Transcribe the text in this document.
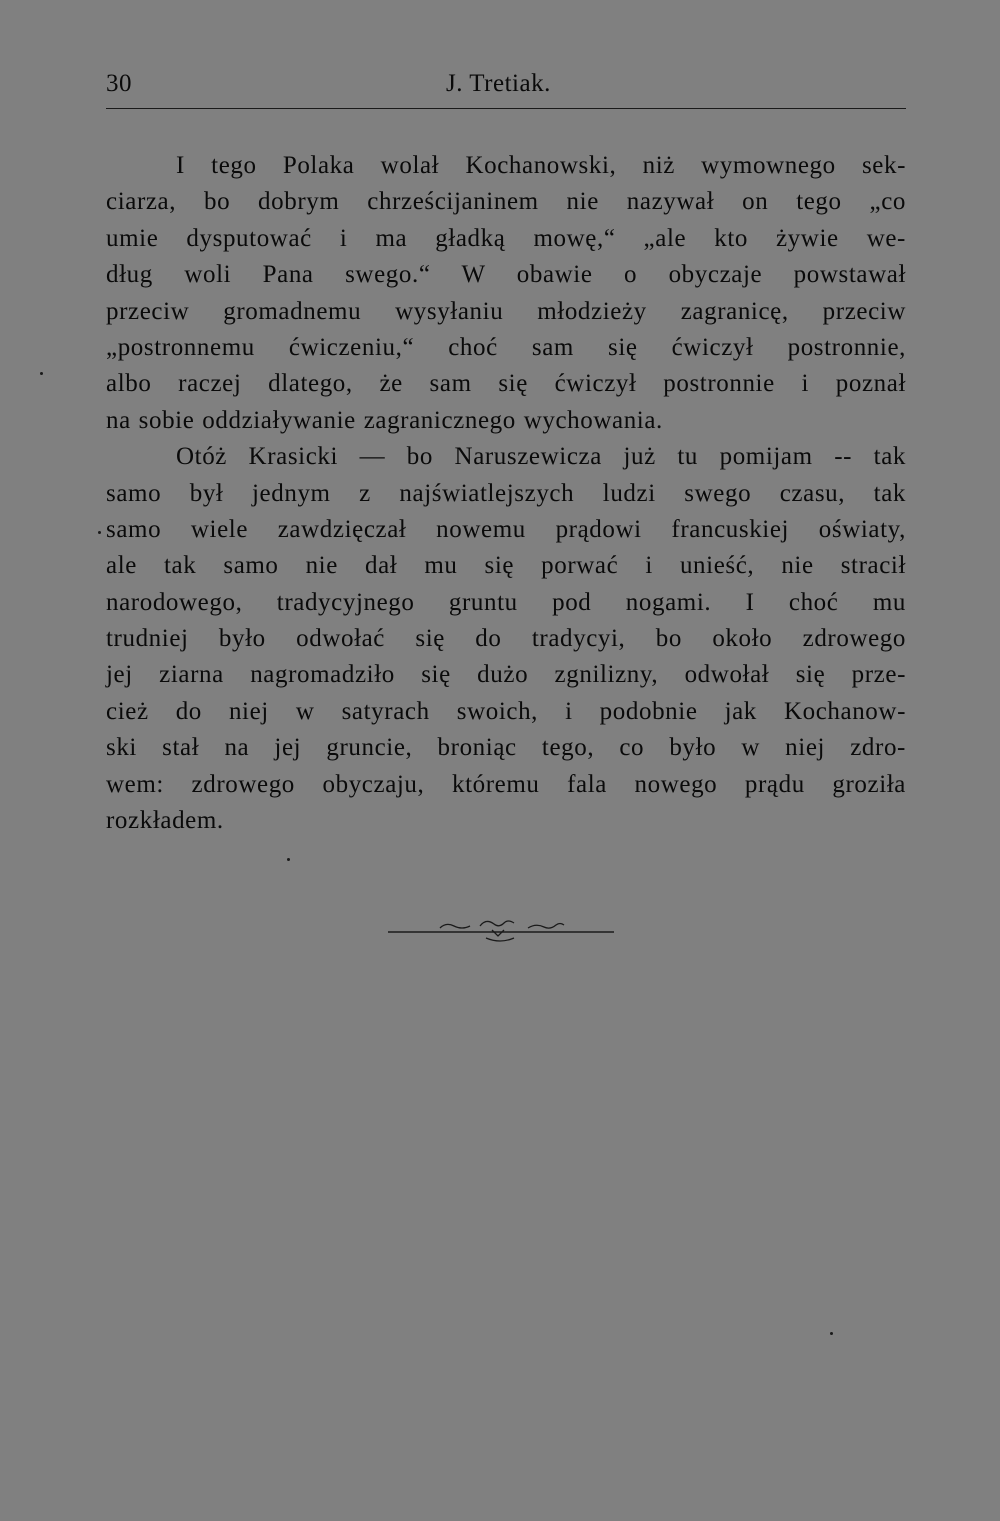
30	J. Tretiak.
I tego Polaka wolał Kochanowski, niż wymownego sek-
ciarza, bo dobrym chrześcijaninem nie nazywał on tego „co
umie dysputować i ma gładką mowę,“ „ale kto żywie we-
dług woli Pana swego.“ W obawie o obyczaje powstawał
przeciw gromadnemu wysyłaniu młodzieży zagranicę, przeciw
„postronnemu ćwiczeniu,“ choć sam się ćwiczył postronnie,
albo raczej dlatego, że sam się ćwiczył postronnie i poznał
na sobie oddziaływanie zagranicznego wychowania.
Otóż Krasicki — bo Naruszewicza już tu pomijam -- tak
samo był jednym z najświatlejszych ludzi swego czasu, tak
samo wiele zawdzięczał nowemu prądowi francuskiej oświaty,
ale tak samo nie dał mu się porwać i unieść, nie stracił
narodowego, tradycyjnego gruntu pod nogami. I choć mu
trudniej było odwołać się do tradycyi, bo około zdrowego
jej ziarna nagromadziło się dużo zgnilizny, odwołał się prze-
cież do niej w satyrach swoich, i podobnie jak Kochanow-
ski stał na jej gruncie, broniąc tego, co było w niej zdro-
wem: zdrowego obyczaju, któremu fala nowego prądu groziła
rozkładem.
